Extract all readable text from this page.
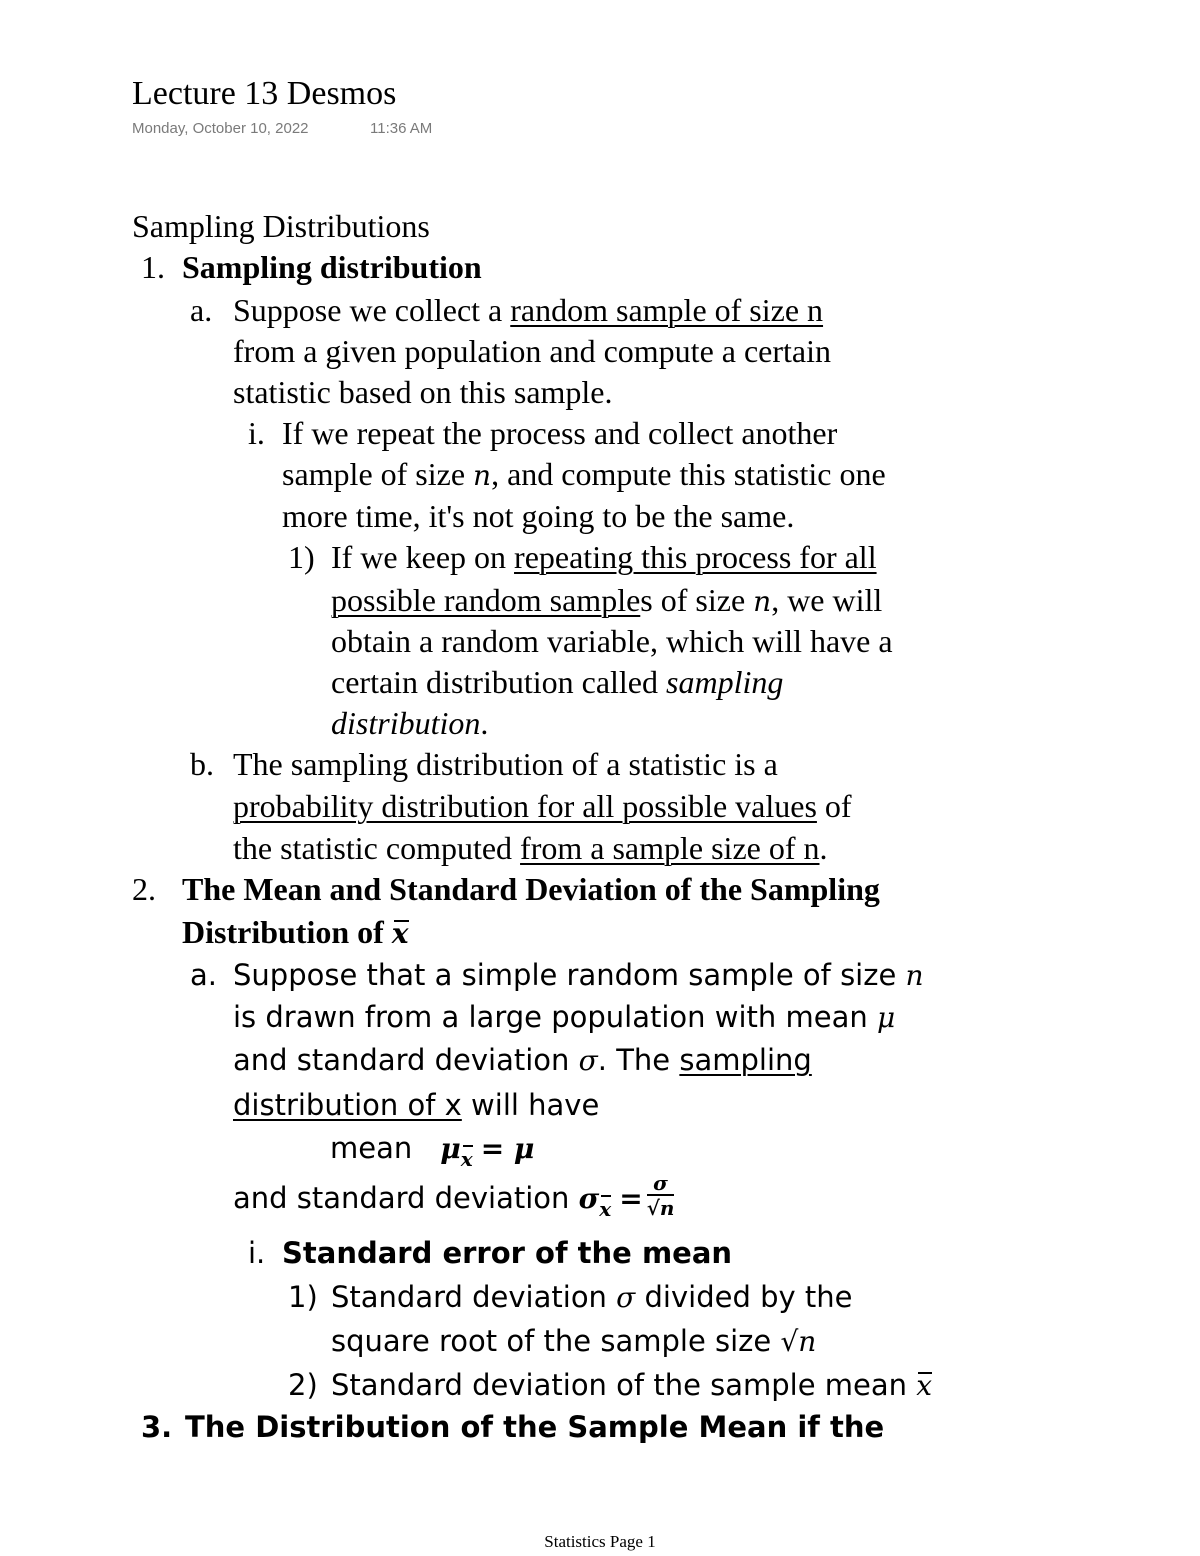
Lecture 13 Desmos
Monday, October 10, 2022	11:36 AM
Sampling Distributions
1. Sampling distribution
a. Suppose we collect a random sample of size n
from a given population and compute a certain
statistic based on this sample.
i. If we repeat the process and collect another
sample of size n, and compute this statistic one
more time, it's not going to be the same.
1) If we keep on repeating this process for all
possible random samples of size n, we will
obtain a random variable, which will have a
certain distribution called sampling
distribution.
b. The sampling distribution of a statistic is a
probability distribution for all possible values of
the statistic computed from a sample size of n.
2. The Mean and Standard Deviation of the Sampling
Distribution of x
a. Suppose that a simple random sample of size n
is drawn from a large population with mean μ
and standard deviation σ. The sampling
distribution of x will have
mean μx = μ
and standard deviation $\sigma x = \frac{\sigma}{√n}$
i. Standard error of the mean
1) Standard deviation σ divided by the
square root of the sample size √n
2) Standard deviation of the sample mean x
3. The Distribution of the Sample Mean if the
Statistics Page 1
